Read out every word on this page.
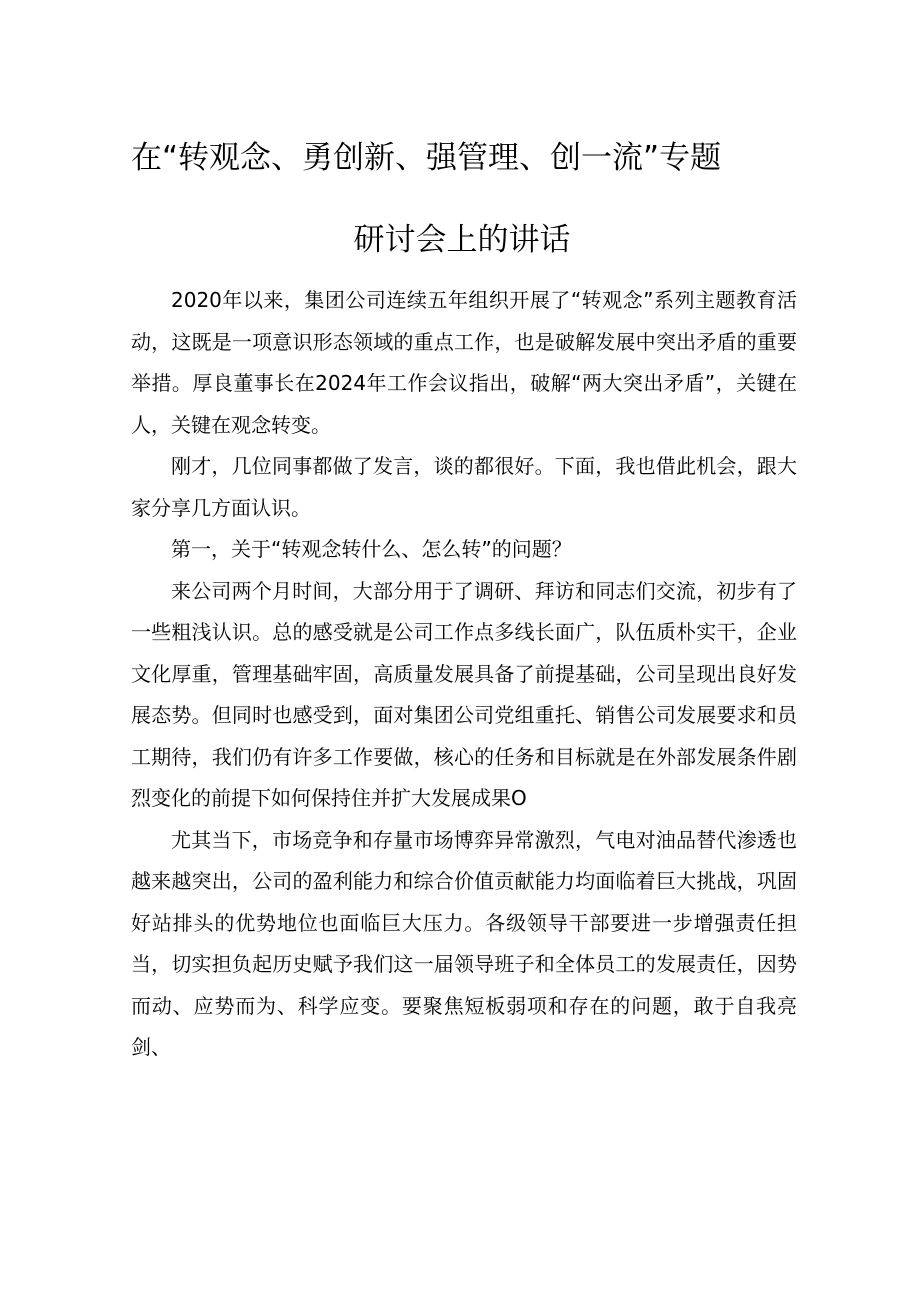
在“转观念、勇创新、强管理、创一流”专题
研讨会上的讲话

2020年以来，集团公司连续五年组织开展了“转观念”系列主题教育活动，这既是一项意识形态领域的重点工作，也是破解发展中突出矛盾的重要举措。厚良董事长在2024年工作会议指出，破解“两大突出矛盾”，关键在人，关键在观念转变。

刚才，几位同事都做了发言，谈的都很好。下面，我也借此机会，跟大家分享几方面认识。

第一，关于“转观念转什么、怎么转”的问题？

来公司两个月时间，大部分用于了调研、拜访和同志们交流，初步有了一些粗浅认识。总的感受就是公司工作点多线长面广，队伍质朴实干，企业文化厚重，管理基础牢固，高质量发展具备了前提基础，公司呈现出良好发展态势。但同时也感受到，面对集团公司党组重托、销售公司发展要求和员工期待，我们仍有许多工作要做，核心的任务和目标就是在外部发展条件剧烈变化的前提下如何保持住并扩大发展成果O

尤其当下，市场竞争和存量市场博弈异常激烈，气电对油品替代渗透也越来越突出，公司的盈利能力和综合价值贡献能力均面临着巨大挑战，巩固好站排头的优势地位也面临巨大压力。各级领导干部要进一步增强责任担当，切实担负起历史赋予我们这一届领导班子和全体员工的发展责任，因势而动、应势而为、科学应变。要聚焦短板弱项和存在的问题，敢于自我亮剑、
